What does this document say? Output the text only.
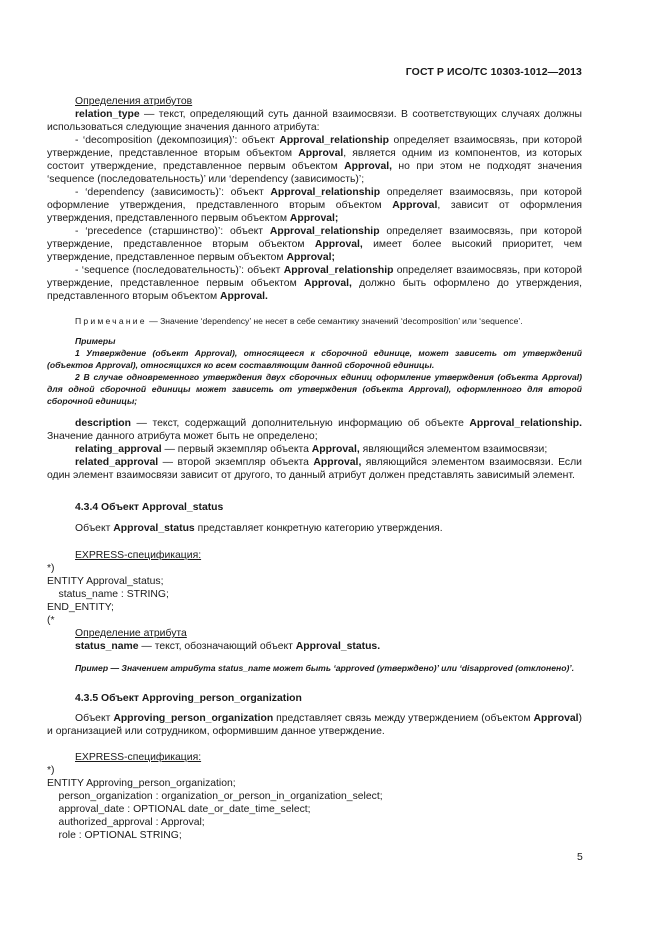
ГОСТ Р ИСО/ТС 10303-1012—2013

Определения атрибутов

relation_type — текст, определяющий суть данной взаимосвязи. В соответствующих случаях должны использоваться следующие значения данного атрибута:

- ‘decomposition (декомпозиция)’: объект Approval_relationship определяет взаимосвязь, при которой утверждение, представленное вторым объектом Approval, является одним из компонентов, из которых состоит утверждение, представленное первым объектом Approval, но при этом не подходят значения ‘sequence (последовательность)’ или ‘dependency (зависимость)’;

- ‘dependency (зависимость)’: объект Approval_relationship определяет взаимосвязь, при которой оформление утверждения, представленного вторым объектом Approval, зависит от оформления утверждения, представленного первым объектом Approval;

- ‘precedence (старшинство)’: объект Approval_relationship определяет взаимосвязь, при которой утверждение, представленное вторым объектом Approval, имеет более высокий приоритет, чем утверждение, представленное первым объектом Approval;

- ‘sequence (последовательность)’: объект Approval_relationship определяет взаимосвязь, при которой утверждение, представленное первым объектом Approval, должно быть оформлено до утверждения, представленного вторым объектом Approval.

Примечание — Значение ‘dependency’ не несет в себе семантику значений ‘decomposition’ или ‘sequence’.

Примеры

1 Утверждение (объект Approval), относящееся к сборочной единице, может зависеть от утверждений (объектов Approval), относящихся ко всем составляющим данной сборочной единицы.

2 В случае одновременного утверждения двух сборочных единиц оформление утверждения (объекта Approval) для одной сборочной единицы может зависеть от утверждения (объекта Approval), оформленного для второй сборочной единицы;

description — текст, содержащий дополнительную информацию об объекте Approval_relationship. Значение данного атрибута может быть не определено;

relating_approval — первый экземпляр объекта Approval, являющийся элементом взаимосвязи;

related_approval — второй экземпляр объекта Approval, являющийся элементом взаимосвязи. Если один элемент взаимосвязи зависит от другого, то данный атрибут должен представлять зависимый элемент.

4.3.4 Объект Approval_status

Объект Approval_status представляет конкретную категорию утверждения.

EXPRESS-спецификация:

*)
ENTITY Approval_status;
status_name : STRING;
END_ENTITY;
(*

Определение атрибута

status_name — текст, обозначающий объект Approval_status.

Пример — Значением атрибута status_name может быть ‘approved (утверждено)’ или ‘disapproved (отклонено)’.

4.3.5 Объект Approving_person_organization

Объект Approving_person_organization представляет связь между утверждением (объектом Approval) и организацией или сотрудником, оформившим данное утверждение.

EXPRESS-спецификация:

*)
ENTITY Approving_person_organization;
person_organization : organization_or_person_in_organization_select;
approval_date : OPTIONAL date_or_date_time_select;
authorized_approval : Approval;
role : OPTIONAL STRING;
5
